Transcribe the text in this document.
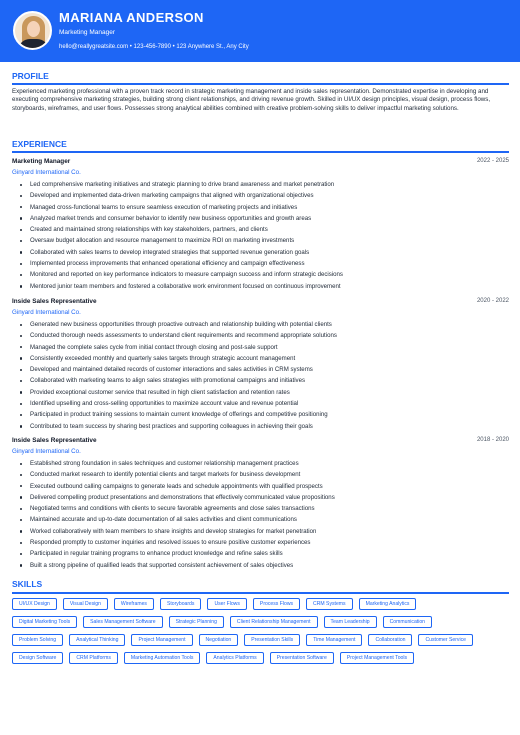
MARIANA ANDERSON
Marketing Manager
hello@reallygreatsite.com • 123-456-7890 • 123 Anywhere St., Any City
PROFILE
Experienced marketing professional with a proven track record in strategic marketing management and inside sales representation. Demonstrated expertise in developing and executing comprehensive marketing strategies, building strong client relationships, and driving revenue growth. Skilled in UI/UX design principles, visual design, process flows, storyboards, wireframes, and user flows. Possesses strong analytical abilities combined with creative problem-solving skills to deliver impactful marketing solutions.
EXPERIENCE
Marketing Manager	2022 - 2025
Ginyard International Co.
Led comprehensive marketing initiatives and strategic planning to drive brand awareness and market penetration
Developed and implemented data-driven marketing campaigns that aligned with organizational objectives
Managed cross-functional teams to ensure seamless execution of marketing projects and initiatives
Analyzed market trends and consumer behavior to identify new business opportunities and growth areas
Created and maintained strong relationships with key stakeholders, partners, and clients
Oversaw budget allocation and resource management to maximize ROI on marketing investments
Collaborated with sales teams to develop integrated strategies that supported revenue generation goals
Implemented process improvements that enhanced operational efficiency and campaign effectiveness
Monitored and reported on key performance indicators to measure campaign success and inform strategic decisions
Mentored junior team members and fostered a collaborative work environment focused on continuous improvement
Inside Sales Representative	2020 - 2022
Ginyard International Co.
Generated new business opportunities through proactive outreach and relationship building with potential clients
Conducted thorough needs assessments to understand client requirements and recommend appropriate solutions
Managed the complete sales cycle from initial contact through closing and post-sale support
Consistently exceeded monthly and quarterly sales targets through strategic account management
Developed and maintained detailed records of customer interactions and sales activities in CRM systems
Collaborated with marketing teams to align sales strategies with promotional campaigns and initiatives
Provided exceptional customer service that resulted in high client satisfaction and retention rates
Identified upselling and cross-selling opportunities to maximize account value and revenue potential
Participated in product training sessions to maintain current knowledge of offerings and competitive positioning
Contributed to team success by sharing best practices and supporting colleagues in achieving their goals
Inside Sales Representative	2018 - 2020
Ginyard International Co.
Established strong foundation in sales techniques and customer relationship management practices
Conducted market research to identify potential clients and target markets for business development
Executed outbound calling campaigns to generate leads and schedule appointments with qualified prospects
Delivered compelling product presentations and demonstrations that effectively communicated value propositions
Negotiated terms and conditions with clients to secure favorable agreements and close sales transactions
Maintained accurate and up-to-date documentation of all sales activities and client communications
Worked collaboratively with team members to share insights and develop strategies for market penetration
Responded promptly to customer inquiries and resolved issues to ensure positive customer experiences
Participated in regular training programs to enhance product knowledge and refine sales skills
Built a strong pipeline of qualified leads that supported consistent achievement of sales objectives
SKILLS
UI/UX Design	Visual Design	Wireframes	Storyboards	User Flows	Process Flows	CRM Systems	Marketing Analytics
Digital Marketing Tools	Sales Management Software	Strategic Planning	Client Relationship Management	Team Leadership	Communication
Problem Solving	Analytical Thinking	Project Management	Negotiation	Presentation Skills	Time Management	Collaboration	Customer Service
Design Software	CRM Platforms	Marketing Automation Tools	Analytics Platforms	Presentation Software	Project Management Tools
